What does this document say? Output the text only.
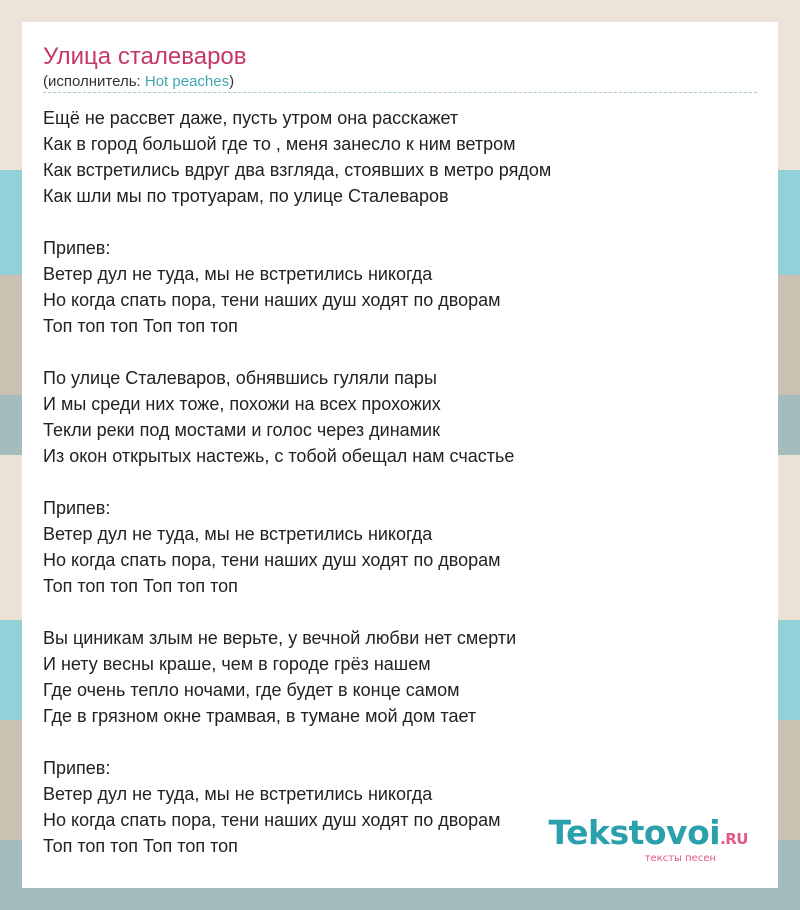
Улица сталеваров
(исполнитель: Hot peaches)
Ещё не рассвет даже, пусть утром она расскажет
Как в город большой где то , меня занесло к ним ветром
Как встретились вдруг два взгляда, стоявших в метро рядом
Как шли мы по тротуарам, по улице Сталеваров
Припев:
Ветер дул не туда, мы не встретились никогда
Но когда спать пора, тени наших душ ходят по дворам
Топ топ топ Топ топ топ
По улице Сталеваров, обнявшись гуляли пары
И мы среди них тоже, похожи на всех прохожих
Текли реки под мостами и голос через динамик
Из окон открытых настежь, с тобой обещал нам счастье
Припев:
Ветер дул не туда, мы не встретились никогда
Но когда спать пора, тени наших душ ходят по дворам
Топ топ топ Топ топ топ
Вы циникам злым не верьте, у вечной любви нет смерти
И нету весны краше, чем в городе грёз нашем
Где очень тепло ночами, где будет в конце самом
Где в грязном окне трамвая, в тумане мой дом тает
Припев:
Ветер дул не туда, мы не встретились никогда
Но когда спать пора, тени наших душ ходят по дворам
Топ топ топ Топ топ топ	Tekstovoi.RU
тексты песен
